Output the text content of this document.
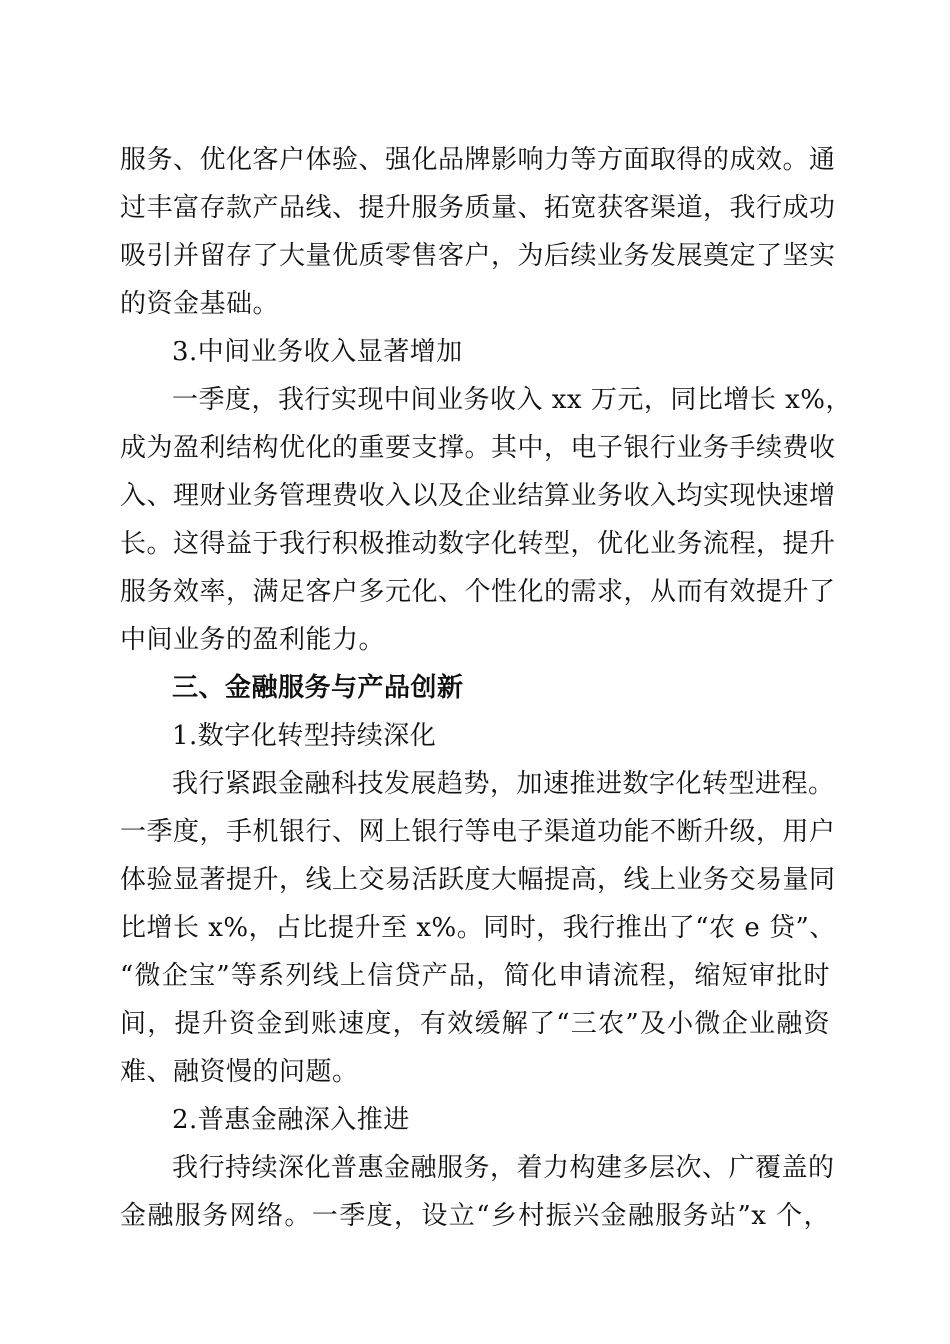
服务、优化客户体验、强化品牌影响力等方面取得的成效。通
过丰富存款产品线、提升服务质量、拓宽获客渠道，我行成功
吸引并留存了大量优质零售客户，为后续业务发展奠定了坚实
的资金基础。
3.中间业务收入显著增加
一季度，我行实现中间业务收入 xx 万元，同比增长 x%，
成为盈利结构优化的重要支撑。其中，电子银行业务手续费收
入、理财业务管理费收入以及企业结算业务收入均实现快速增
长。这得益于我行积极推动数字化转型，优化业务流程，提升
服务效率，满足客户多元化、个性化的需求，从而有效提升了
中间业务的盈利能力。
三、金融服务与产品创新
1.数字化转型持续深化
我行紧跟金融科技发展趋势，加速推进数字化转型进程。
一季度，手机银行、网上银行等电子渠道功能不断升级，用户
体验显著提升，线上交易活跃度大幅提高，线上业务交易量同
比增长 x%，占比提升至 x%。同时，我行推出了“农 e 贷”、
“微企宝”等系列线上信贷产品，简化申请流程，缩短审批时
间，提升资金到账速度，有效缓解了“三农”及小微企业融资
难、融资慢的问题。
2.普惠金融深入推进
我行持续深化普惠金融服务，着力构建多层次、广覆盖的
金融服务网络。一季度，设立“乡村振兴金融服务站”x 个，
